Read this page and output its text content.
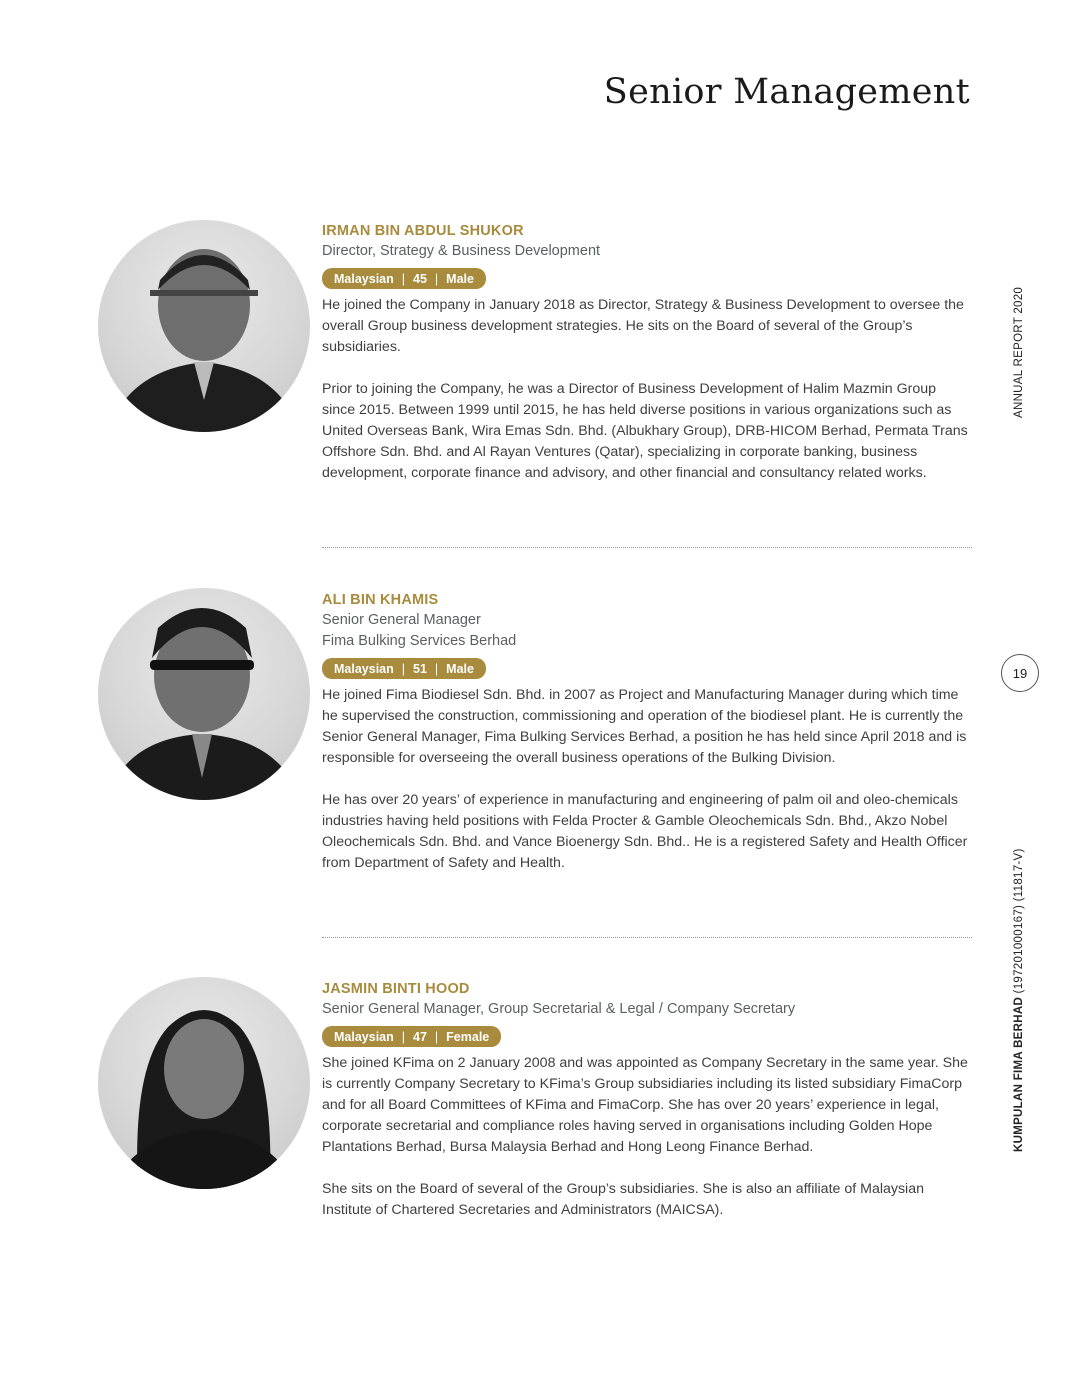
Senior Management

IRMAN BIN ABDUL SHUKOR

Director, Strategy & Business Development

Malaysian | 45 | Male

He joined the Company in January 2018 as Director, Strategy & Business Development to oversee the overall Group business development strategies. He sits on the Board of several of the Group’s subsidiaries.

Prior to joining the Company, he was a Director of Business Development of Halim Mazmin Group since 2015. Between 1999 until 2015, he has held diverse positions in various organizations such as United Overseas Bank, Wira Emas Sdn. Bhd. (Albukhary Group), DRB-HICOM Berhad, Permata Trans Offshore Sdn. Bhd. and Al Rayan Ventures (Qatar), specializing in corporate banking, business development, corporate finance and advisory, and other financial and consultancy related works.

ALI BIN KHAMIS

Senior General Manager

Fima Bulking Services Berhad

Malaysian | 51 | Male

He joined Fima Biodiesel Sdn. Bhd. in 2007 as Project and Manufacturing Manager during which time he supervised the construction, commissioning and operation of the biodiesel plant. He is currently the Senior General Manager, Fima Bulking Services Berhad, a position he has held since April 2018 and is responsible for overseeing the overall business operations of the Bulking Division.

He has over 20 years’ of experience in manufacturing and engineering of palm oil and oleo-chemicals industries having held positions with Felda Procter & Gamble Oleochemicals Sdn. Bhd., Akzo Nobel Oleochemicals Sdn. Bhd. and Vance Bioenergy Sdn. Bhd.. He is a registered Safety and Health Officer from Department of Safety and Health.

JASMIN BINTI HOOD

Senior General Manager, Group Secretarial & Legal / Company Secretary

Malaysian | 47 | Female

She joined KFima on 2 January 2008 and was appointed as Company Secretary in the same year. She is currently Company Secretary to KFima’s Group subsidiaries including its listed subsidiary FimaCorp and for all Board Committees of KFima and FimaCorp. She has over 20 years’ experience in legal, corporate secretarial and compliance roles having served in organisations including Golden Hope Plantations Berhad, Bursa Malaysia Berhad and Hong Leong Finance Berhad.

She sits on the Board of several of the Group’s subsidiaries. She is also an affiliate of Malaysian Institute of Chartered Secretaries and Administrators (MAICSA).

ANNUAL REPORT 2020
19
KUMPULAN FIMA BERHAD (197201000167) (11817-V)
